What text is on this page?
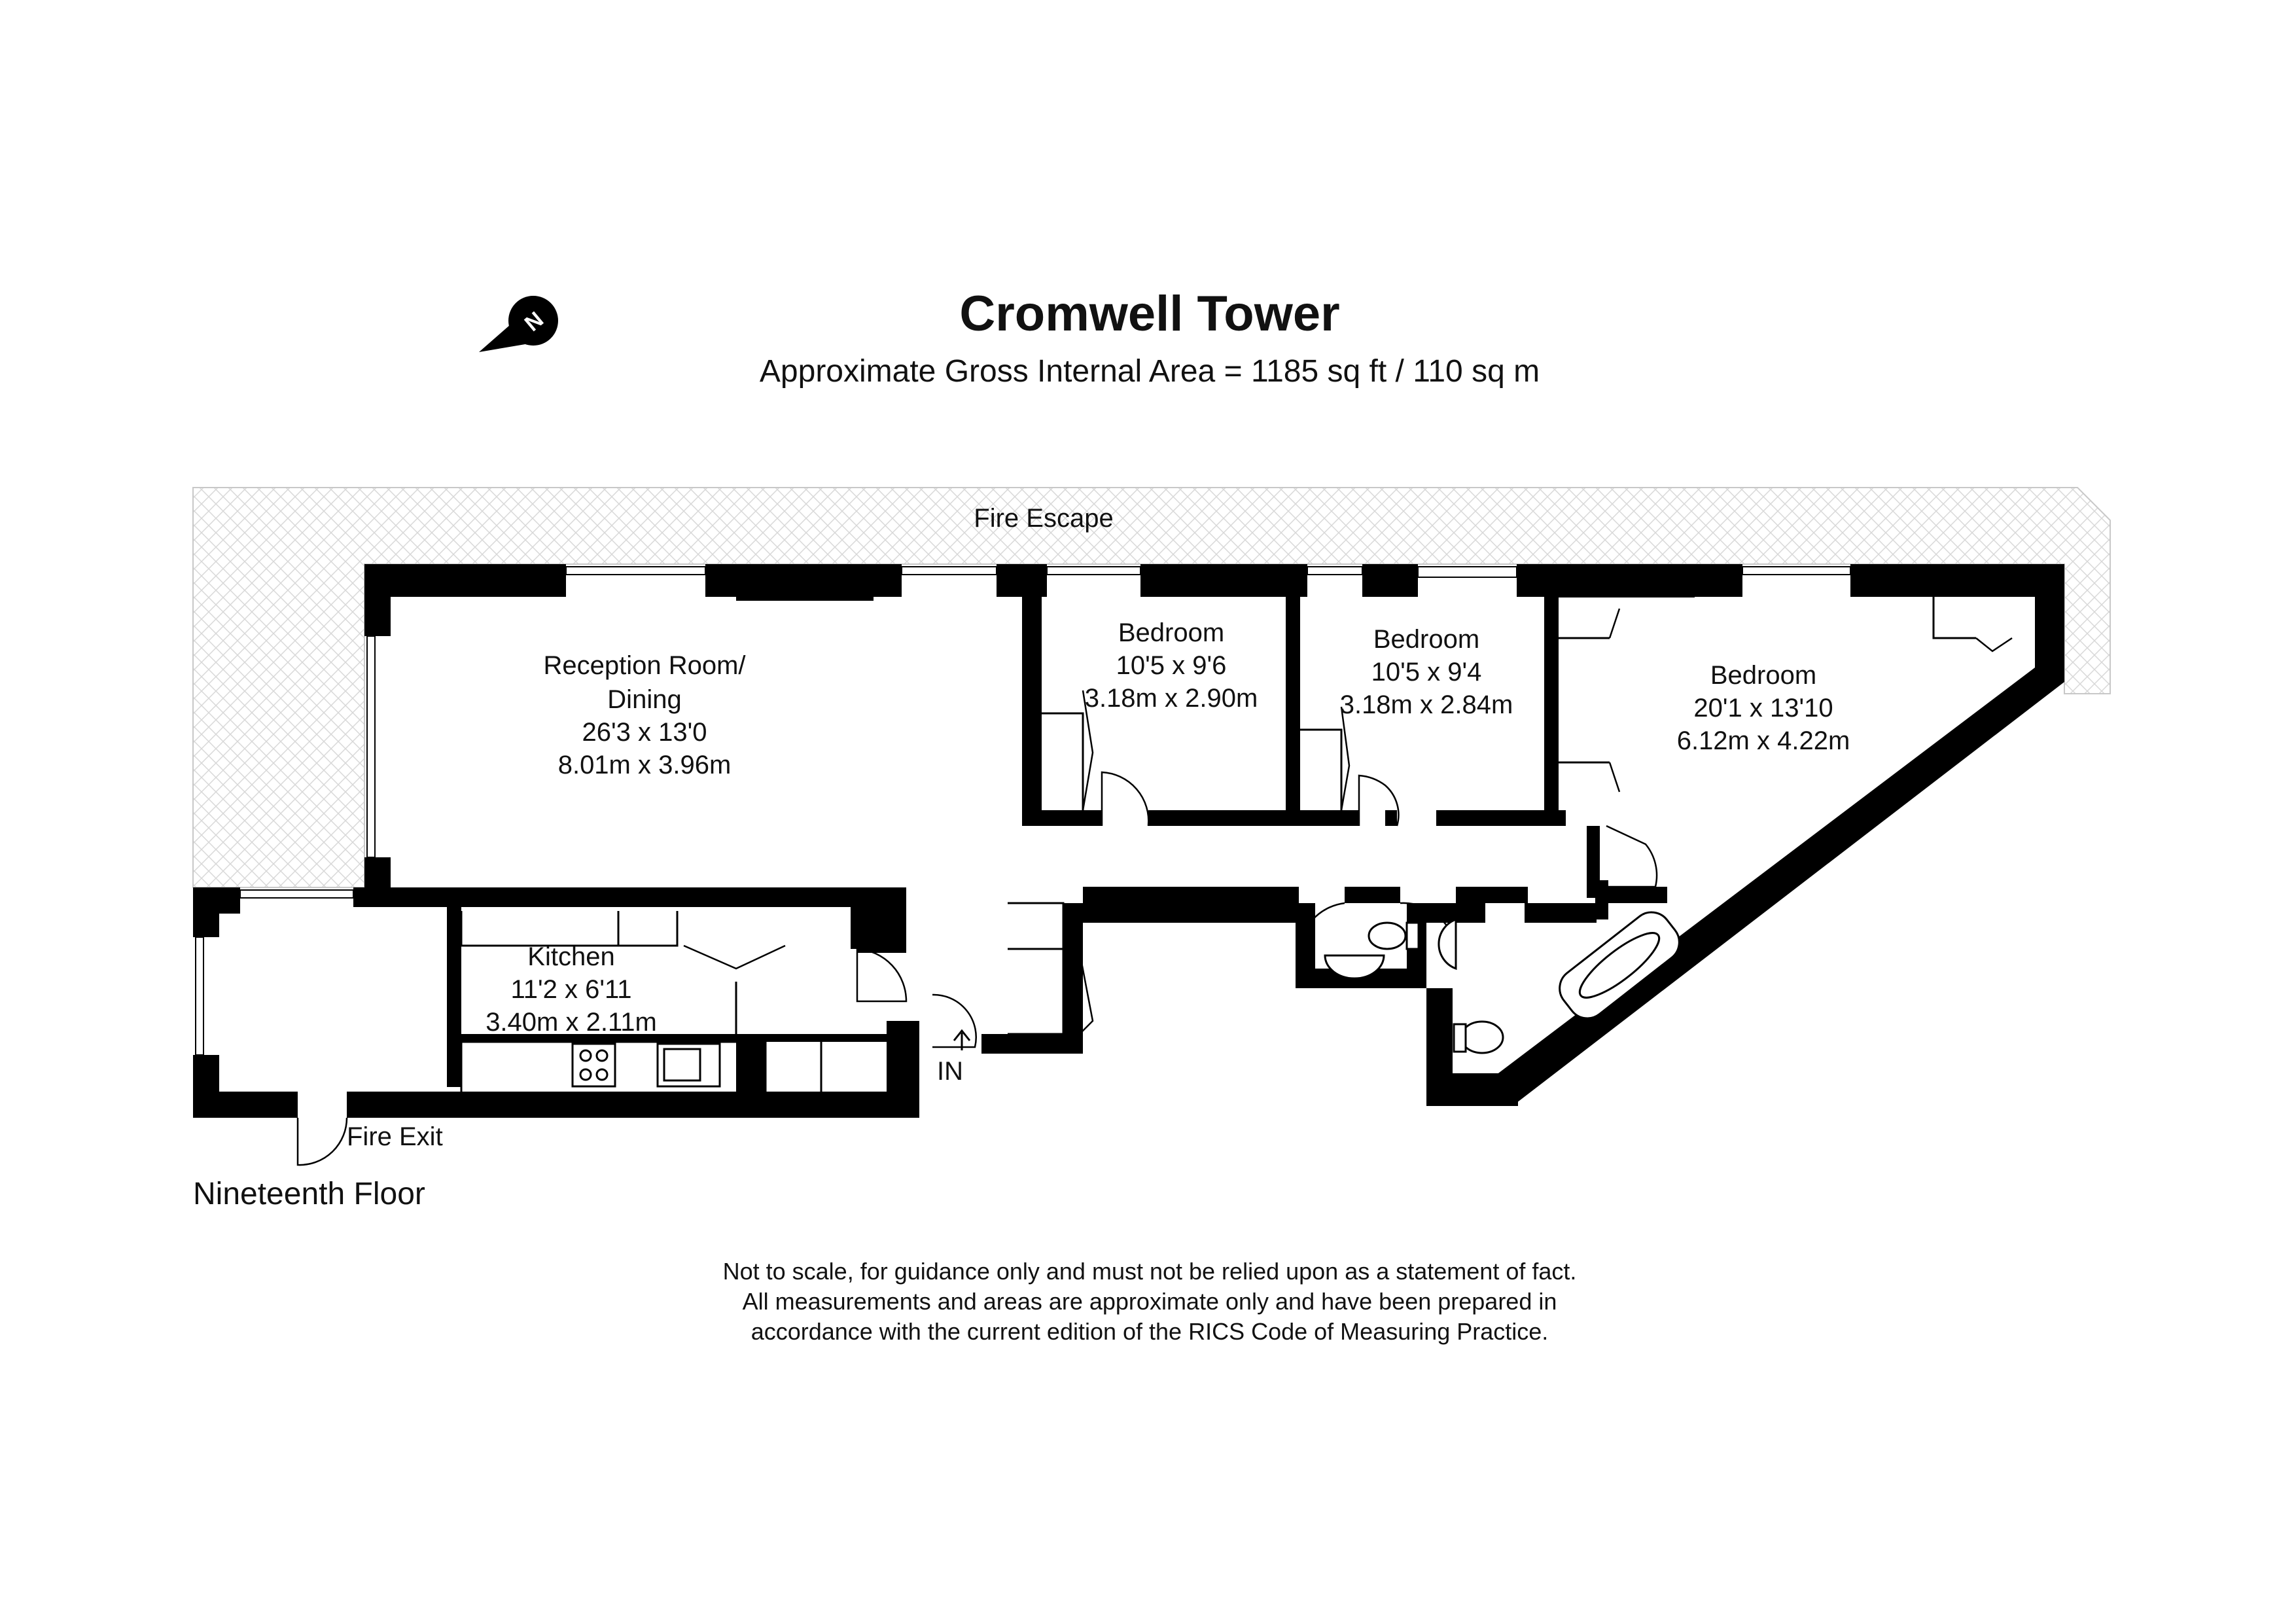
Cromwell Tower
Approximate Gross Internal Area = 1185 sq ft / 110 sq m
N
Fire Escape
Reception Room/
Dining
26'3 x 13'0
8.01m x 3.96m
Bedroom
10'5 x 9'6
3.18m x 2.90m
Bedroom
10'5 x 9'4
3.18m x 2.84m
Bedroom
20'1 x 13'10
6.12m x 4.22m
Kitchen
11'2 x 6'11
3.40m x 2.11m
Fire Exit
IN
Nineteenth Floor
Not to scale, for guidance only and must not be relied upon as a statement of fact.
All measurements and areas are approximate only and have been prepared in
accordance with the current edition of the RICS Code of Measuring Practice.
